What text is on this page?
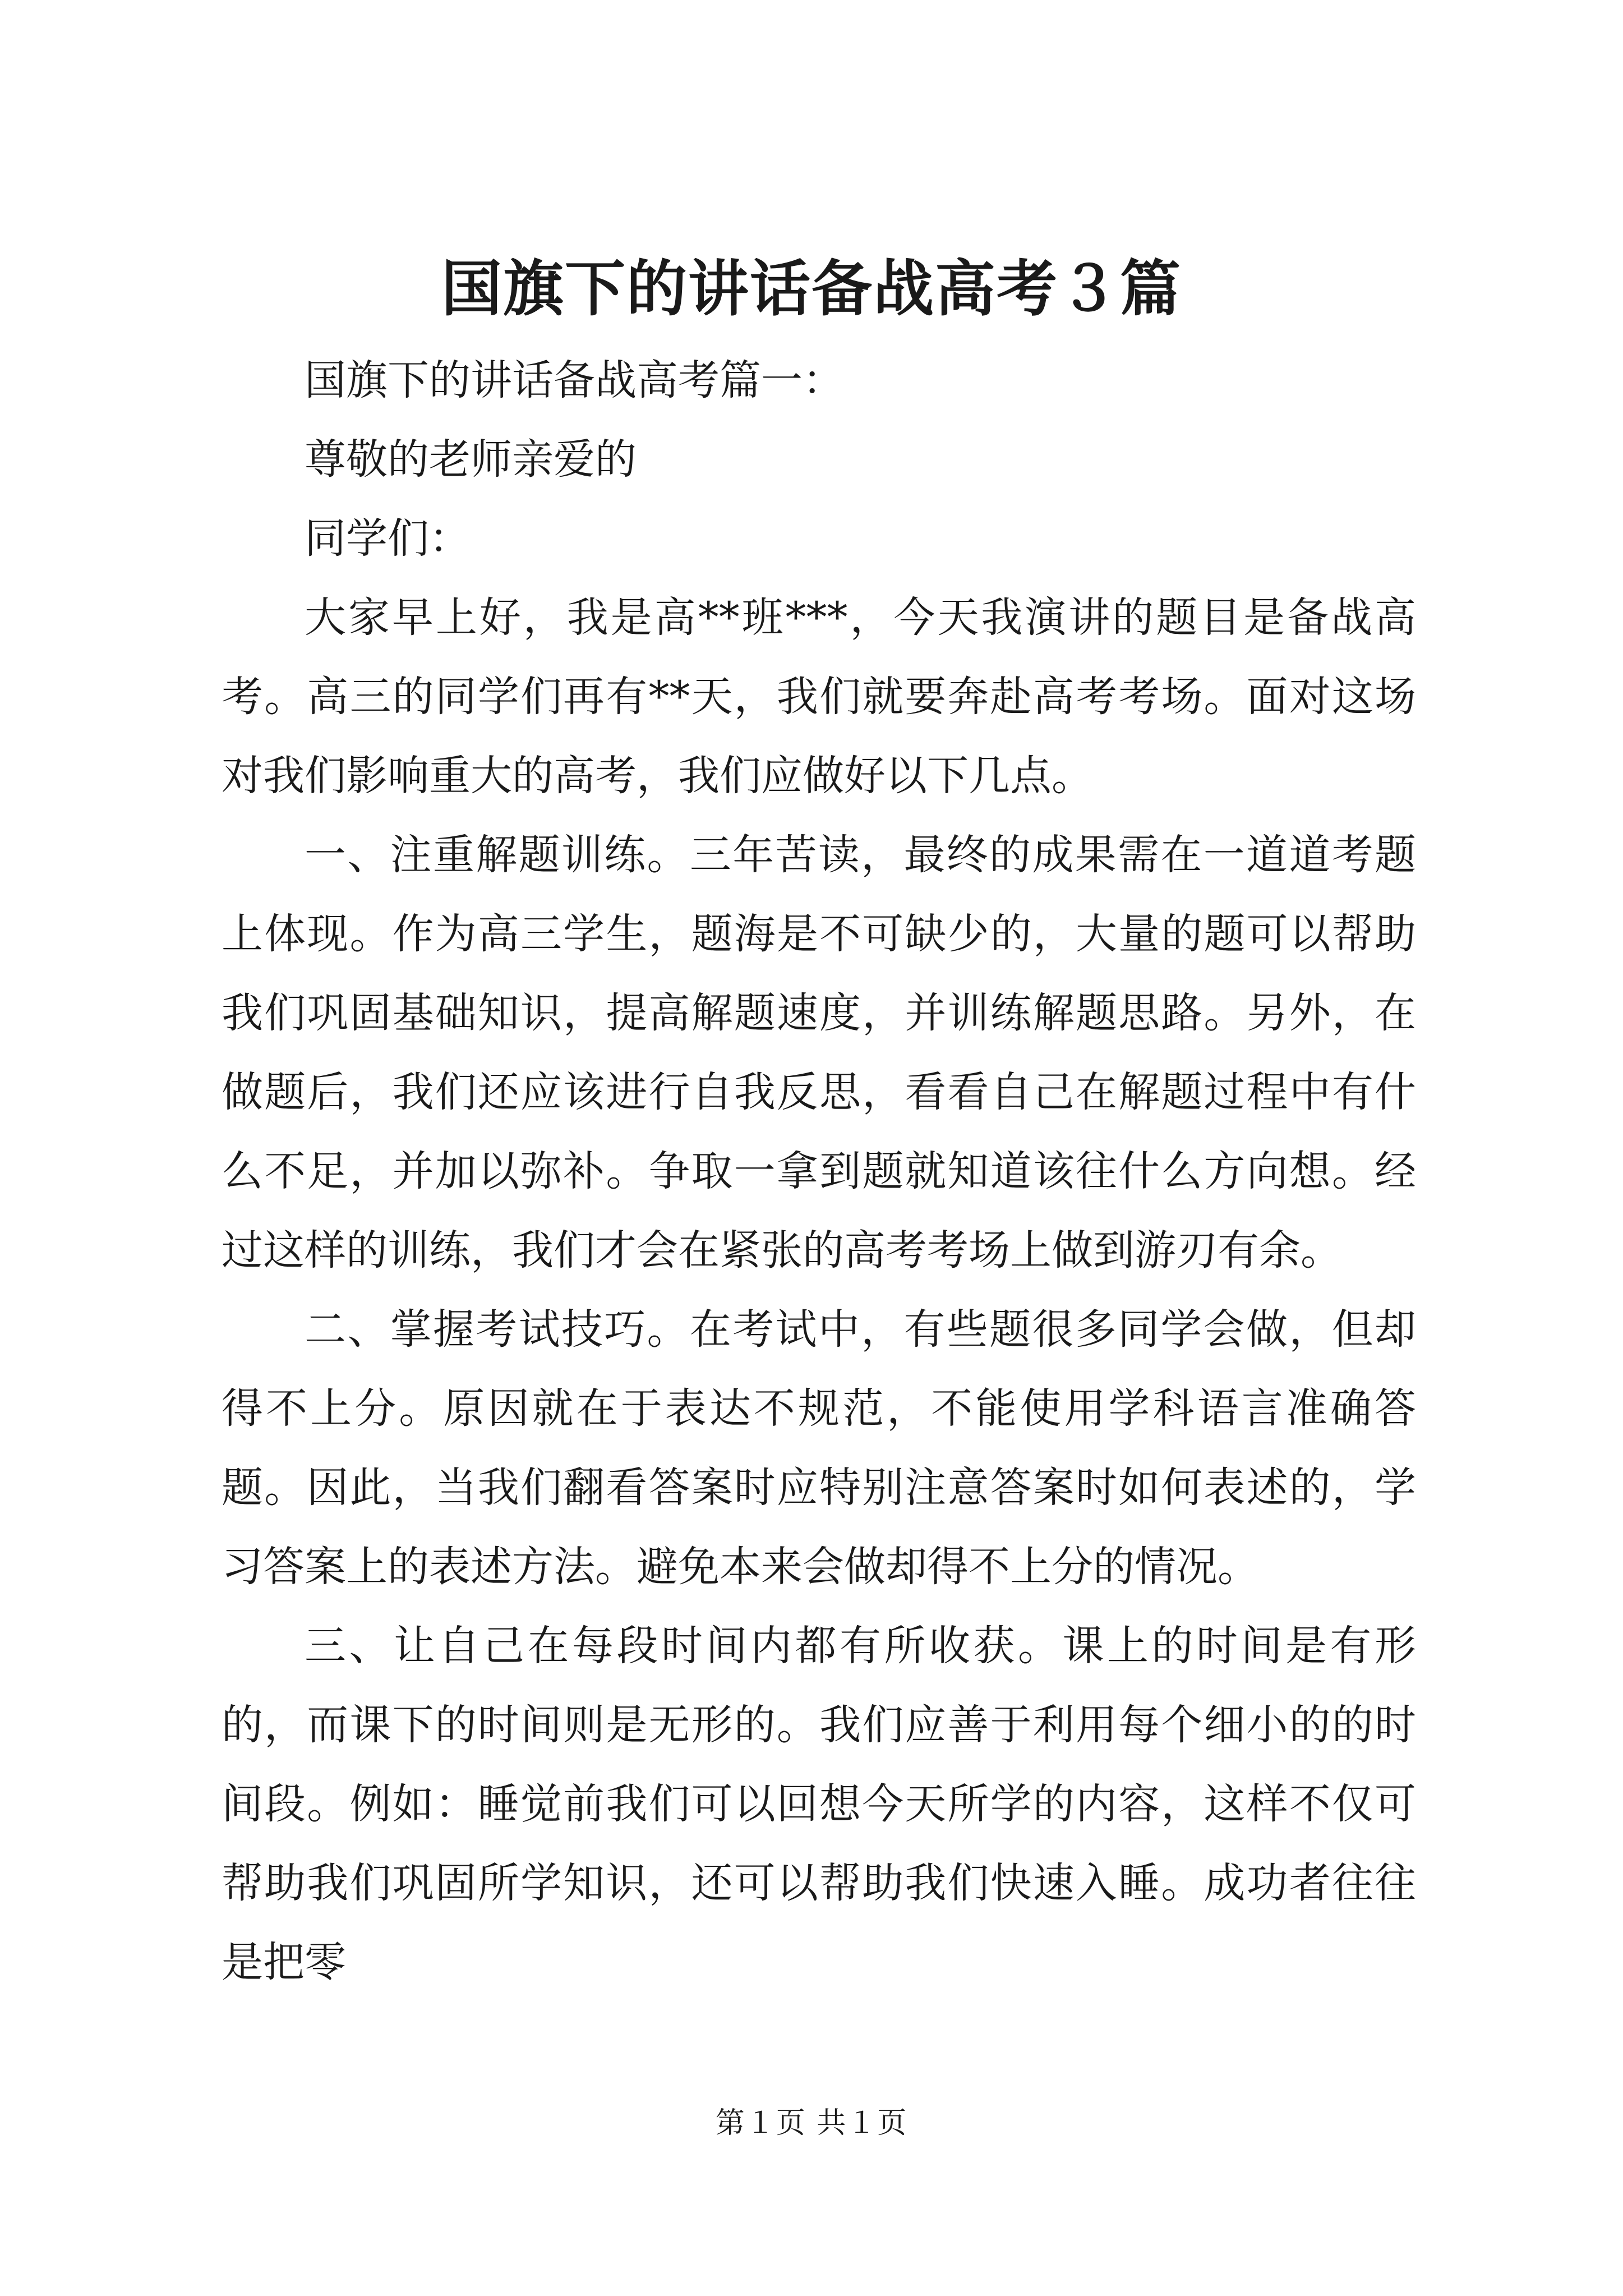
国旗下的讲话备战高考３篇

国旗下的讲话备战高考篇一：

尊敬的老师亲爱的

同学们：

大家早上好，我是高**班***，今天我演讲的题目是备战高考。高三的同学们再有**天，我们就要奔赴高考考场。面对这场对我们影响重大的高考，我们应做好以下几点。

一、注重解题训练。三年苦读，最终的成果需在一道道考题上体现。作为高三学生，题海是不可缺少的，大量的题可以帮助我们巩固基础知识，提高解题速度，并训练解题思路。另外，在做题后，我们还应该进行自我反思，看看自己在解题过程中有什么不足，并加以弥补。争取一拿到题就知道该往什么方向想。经过这样的训练，我们才会在紧张的高考考场上做到游刃有余。

二、掌握考试技巧。在考试中，有些题很多同学会做，但却得不上分。原因就在于表达不规范，不能使用学科语言准确答题。因此，当我们翻看答案时应特别注意答案时如何表述的，学习答案上的表述方法。避免本来会做却得不上分的情况。

三、让自己在每段时间内都有所收获。课上的时间是有形的，而课下的时间则是无形的。我们应善于利用每个细小的的时间段。例如：睡觉前我们可以回想今天所学的内容，这样不仅可帮助我们巩固所学知识，还可以帮助我们快速入睡。成功者往往是把零

第１页 共１页
